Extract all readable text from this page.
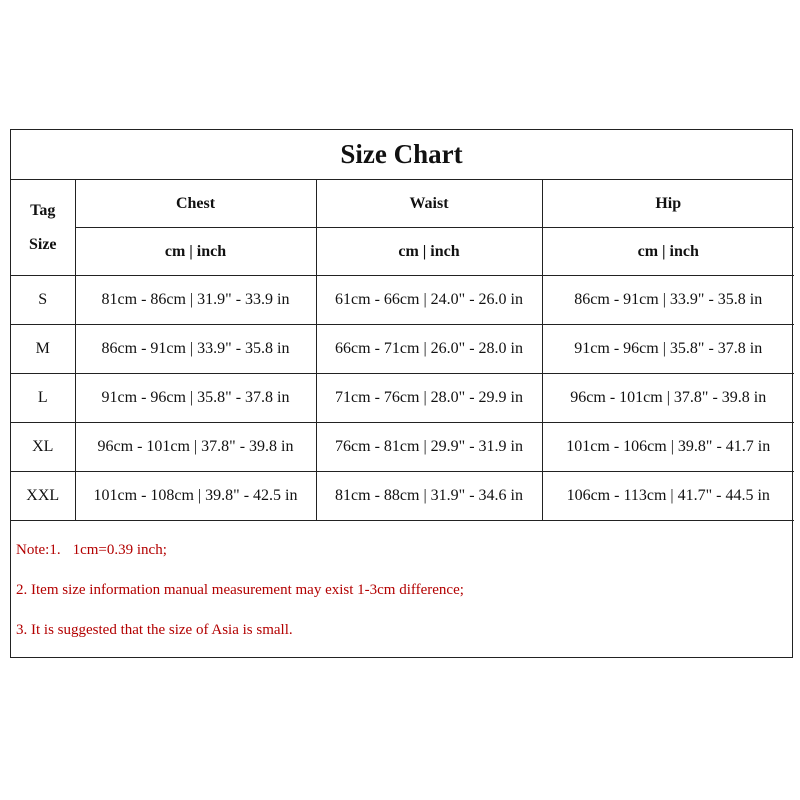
Size Chart
Tag
Size	Chest	Waist	Hip
	cm | inch	cm | inch	cm | inch
S	81cm - 86cm | 31.9" - 33.9 in	61cm - 66cm | 24.0" - 26.0 in	86cm - 91cm | 33.9" - 35.8 in
M	86cm - 91cm | 33.9" - 35.8 in	66cm - 71cm | 26.0" - 28.0 in	91cm - 96cm | 35.8" - 37.8 in
L	91cm - 96cm | 35.8" - 37.8 in	71cm - 76cm | 28.0" - 29.9 in	96cm - 101cm | 37.8" - 39.8 in
XL	96cm - 101cm | 37.8" - 39.8 in	76cm - 81cm | 29.9" - 31.9 in	101cm - 106cm | 39.8" - 41.7 in
XXL	101cm - 108cm | 39.8" - 42.5 in	81cm - 88cm | 31.9" - 34.6 in	106cm - 113cm | 41.7" - 44.5 in
Note:1. 1cm=0.39 inch;
2. Item size information manual measurement may exist 1-3cm difference;
3. It is suggested that the size of Asia is small.
